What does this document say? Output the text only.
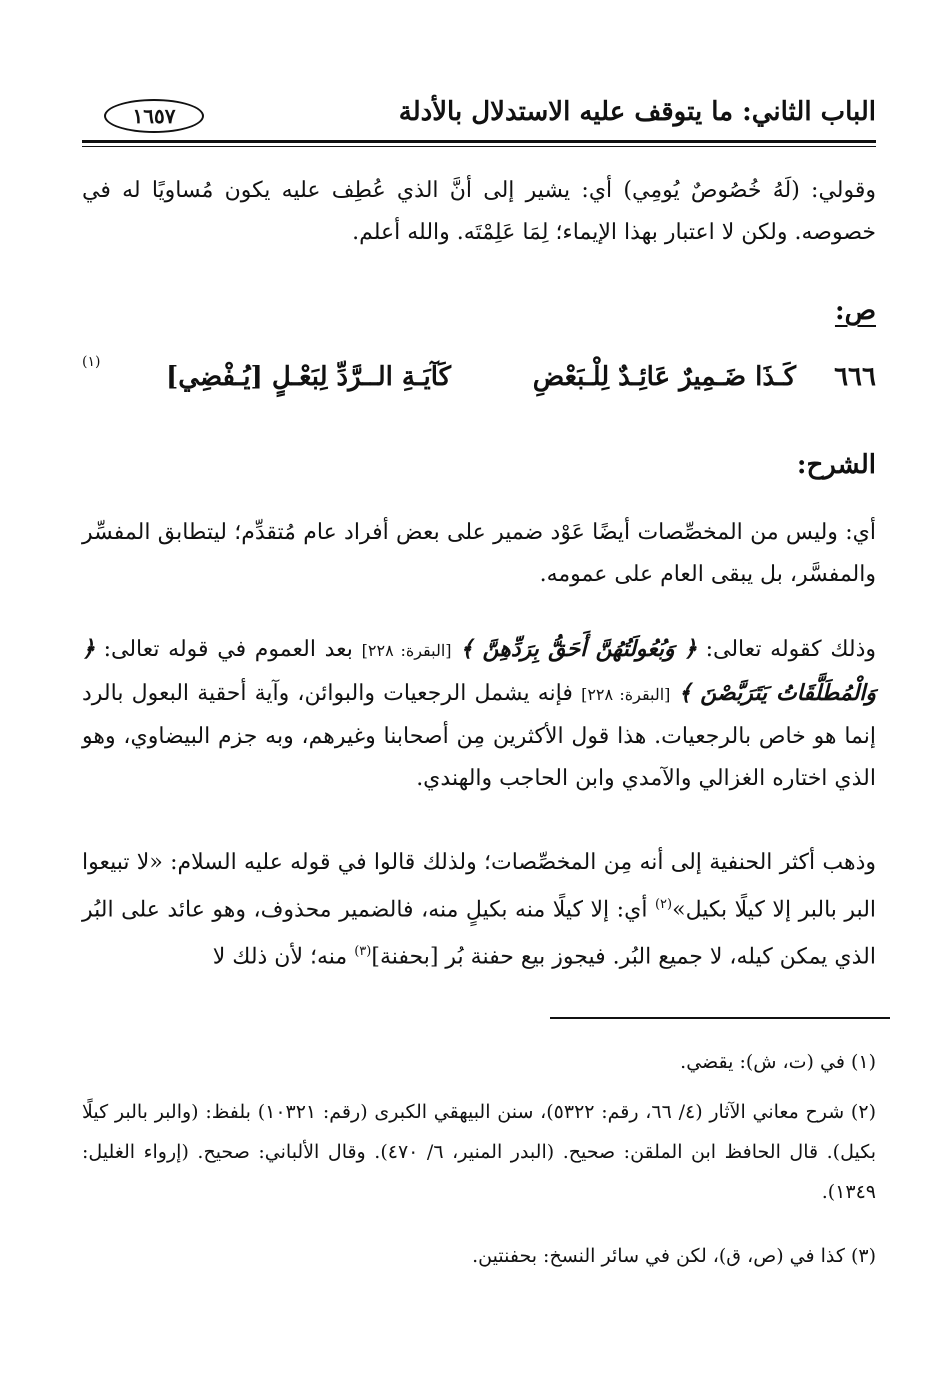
الباب الثاني: ما يتوقف عليه الاستدلال بالأدلة
١٦٥٧
وقولي: (لَهُ خُصُوصٌ يُومِي) أي: يشير إلى أنَّ الذي عُطِف عليه يكون مُساويًا له في خصوصه. ولكن لا اعتبار بهذا الإيماء؛ لِمَا عَلِمْتَه. والله أعلم.
ص:
٦٦٦
كَـذَا ضَـمِيرٌ عَائِـدٌ لِلْـبَعْضِ
كَآيَـةِ الــرَّدِّ لِبَعْـلٍ [يُـفْضِي]
(١)
الشرح:
أي: وليس من المخصِّصات أيضًا عَوْد ضمير على بعض أفراد عام مُتقدِّم؛ ليتطابق المفسِّر والمفسَّر، بل يبقى العام على عمومه.
وذلك كقوله تعالى: ﴿ وَبُعُولَتُهُنَّ أَحَقُّ بِرَدِّهِنَّ ﴾ [البقرة: ٢٢٨] بعد العموم في قوله تعالى: ﴿ وَالْمُطَلَّقَاتُ يَتَرَبَّصْنَ ﴾ [البقرة: ٢٢٨] فإنه يشمل الرجعيات والبوائن، وآية أحقية البعول بالرد إنما هو خاص بالرجعيات. هذا قول الأكثرين مِن أصحابنا وغيرهم، وبه جزم البيضاوي، وهو الذي اختاره الغزالي والآمدي وابن الحاجب والهندي.
وذهب أكثر الحنفية إلى أنه مِن المخصِّصات؛ ولذلك قالوا في قوله عليه السلام: «لا تبيعوا البر بالبر إلا كيلًا بكيل»$^{(٢)}$ أي: إلا كيلًا منه بكيلٍ منه، فالضمير محذوف، وهو عائد على البُر الذي يمكن كيله، لا جميع البُر. فيجوز بيع حفنة بُر [بحفنة]$^{(٣)}$ منه؛ لأن ذلك لا
(١) في (ت، ش): يقضي.
(٢) شرح معاني الآثار (٤/ ٦٦، رقم: ٥٣٢٢)، سنن البيهقي الكبرى (رقم: ١٠٣٢١) بلفظ: (والبر بالبر كيلًا بكيل). قال الحافظ ابن الملقن: صحيح. (البدر المنير، ٦/ ٤٧٠). وقال الألباني: صحيح. (إرواء الغليل: ١٣٤٩).
(٣) كذا في (ص، ق)، لكن في سائر النسخ: بحفنتين.
